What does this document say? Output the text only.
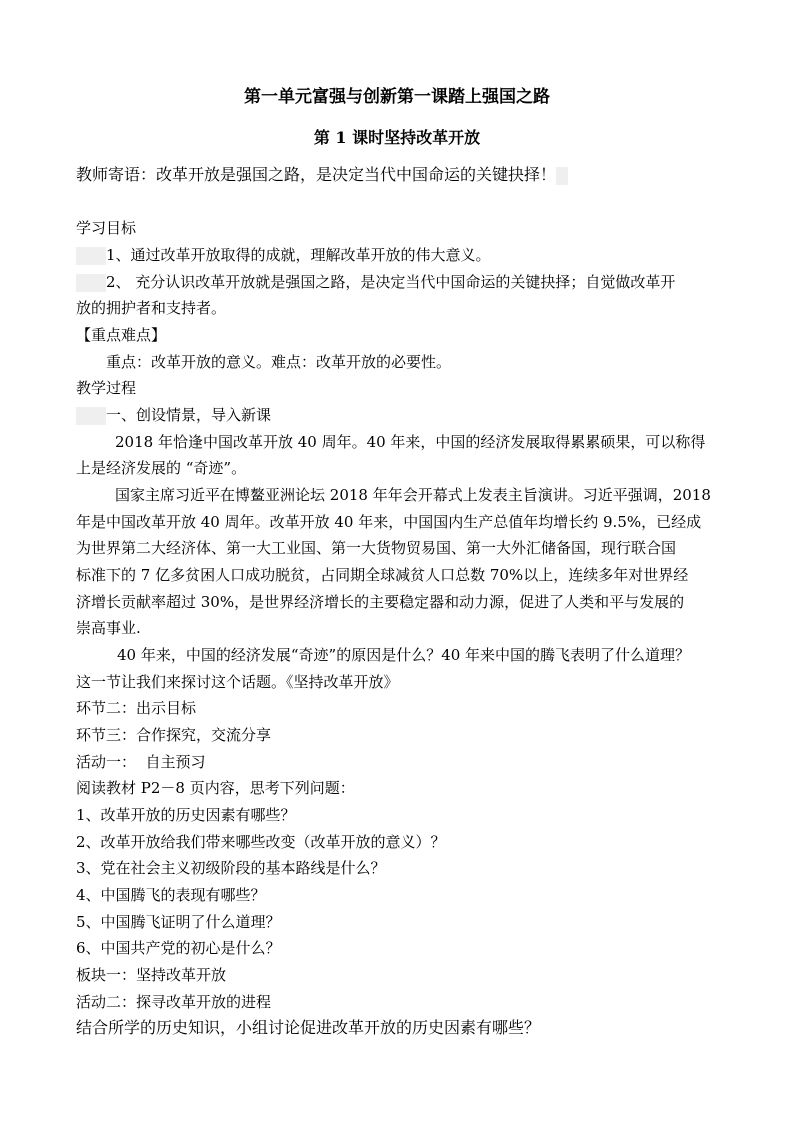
第一单元富强与创新第一课踏上强国之路
第 1 课时坚持改革开放
教师寄语：改革开放是强国之路，是决定当代中国命运的关键抉择！
学习目标
1、通过改革开放取得的成就，理解改革开放的伟大意义。
2、 充分认识改革开放就是强国之路，是决定当代中国命运的关键抉择；自觉做改革开
放的拥护者和支持者。
【重点难点】
重点：改革开放的意义。难点：改革开放的必要性。
教学过程
一、创设情景，导入新课
2018 年恰逢中国改革开放 40 周年。40 年来，中国的经济发展取得累累硕果，可以称得
上是经济发展的 “奇迹”。
国家主席习近平在博鳌亚洲论坛 2018 年年会开幕式上发表主旨演讲。习近平强调，2018
年是中国改革开放 40 周年。改革开放 40 年来，中国国内生产总值年均增长约 9.5%，已经成
为世界第二大经济体、第一大工业国、第一大货物贸易国、第一大外汇储备国，现行联合国
标准下的 7 亿多贫困人口成功脱贫，占同期全球减贫人口总数 70%以上，连续多年对世界经
济增长贡献率超过 30%，是世界经济增长的主要稳定器和动力源，促进了人类和平与发展的
崇高事业.
40 年来，中国的经济发展“奇迹”的原因是什么？40 年来中国的腾飞表明了什么道理？
这一节让我们来探讨这个话题。《坚持改革开放》
环节二：出示目标
环节三：合作探究，交流分享
活动一：  自主预习
阅读教材 P2－8 页内容，思考下列问题：
1、改革开放的历史因素有哪些？
2、改革开放给我们带来哪些改变（改革开放的意义）？
3、党在社会主义初级阶段的基本路线是什么？
4、中国腾飞的表现有哪些？
5、中国腾飞证明了什么道理？
6、中国共产党的初心是什么？
板块一：坚持改革开放
活动二：探寻改革开放的进程
结合所学的历史知识，小组讨论促进改革开放的历史因素有哪些？
